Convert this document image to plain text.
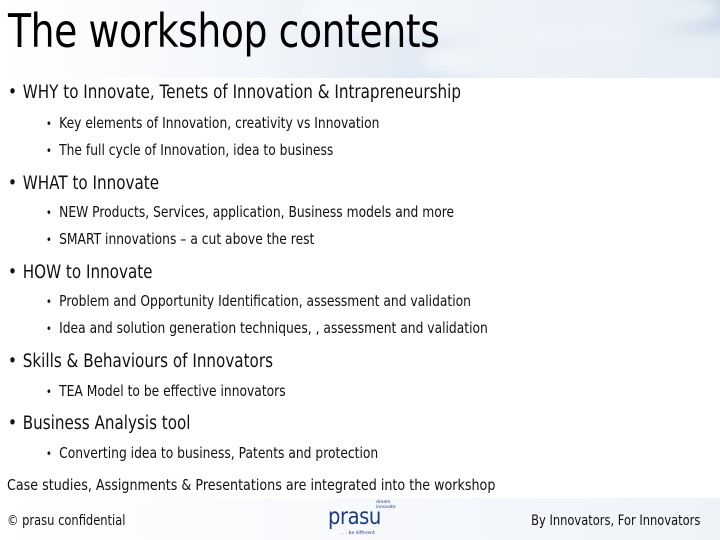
The workshop contents
• WHY to Innovate, Tenets of Innovation & Intrapreneurship
• Key elements of Innovation, creativity vs Innovation
• The full cycle of Innovation, idea to business
• WHAT to Innovate
• NEW Products, Services, application, Business models and more
• SMART innovations – a cut above the rest
• HOW to Innovate
• Problem and Opportunity Identification, assessment and validation
• Idea and solution generation techniques, , assessment and validation
• Skills & Behaviours of Innovators
• TEA Model to be effective innovators
• Business Analysis tool
• Converting idea to business, Patents and protection
Case studies, Assignments & Presentations are integrated into the workshop
© prasu confidential	prasu
dream innovate
. . . be different
By Innovators, For Innovators
